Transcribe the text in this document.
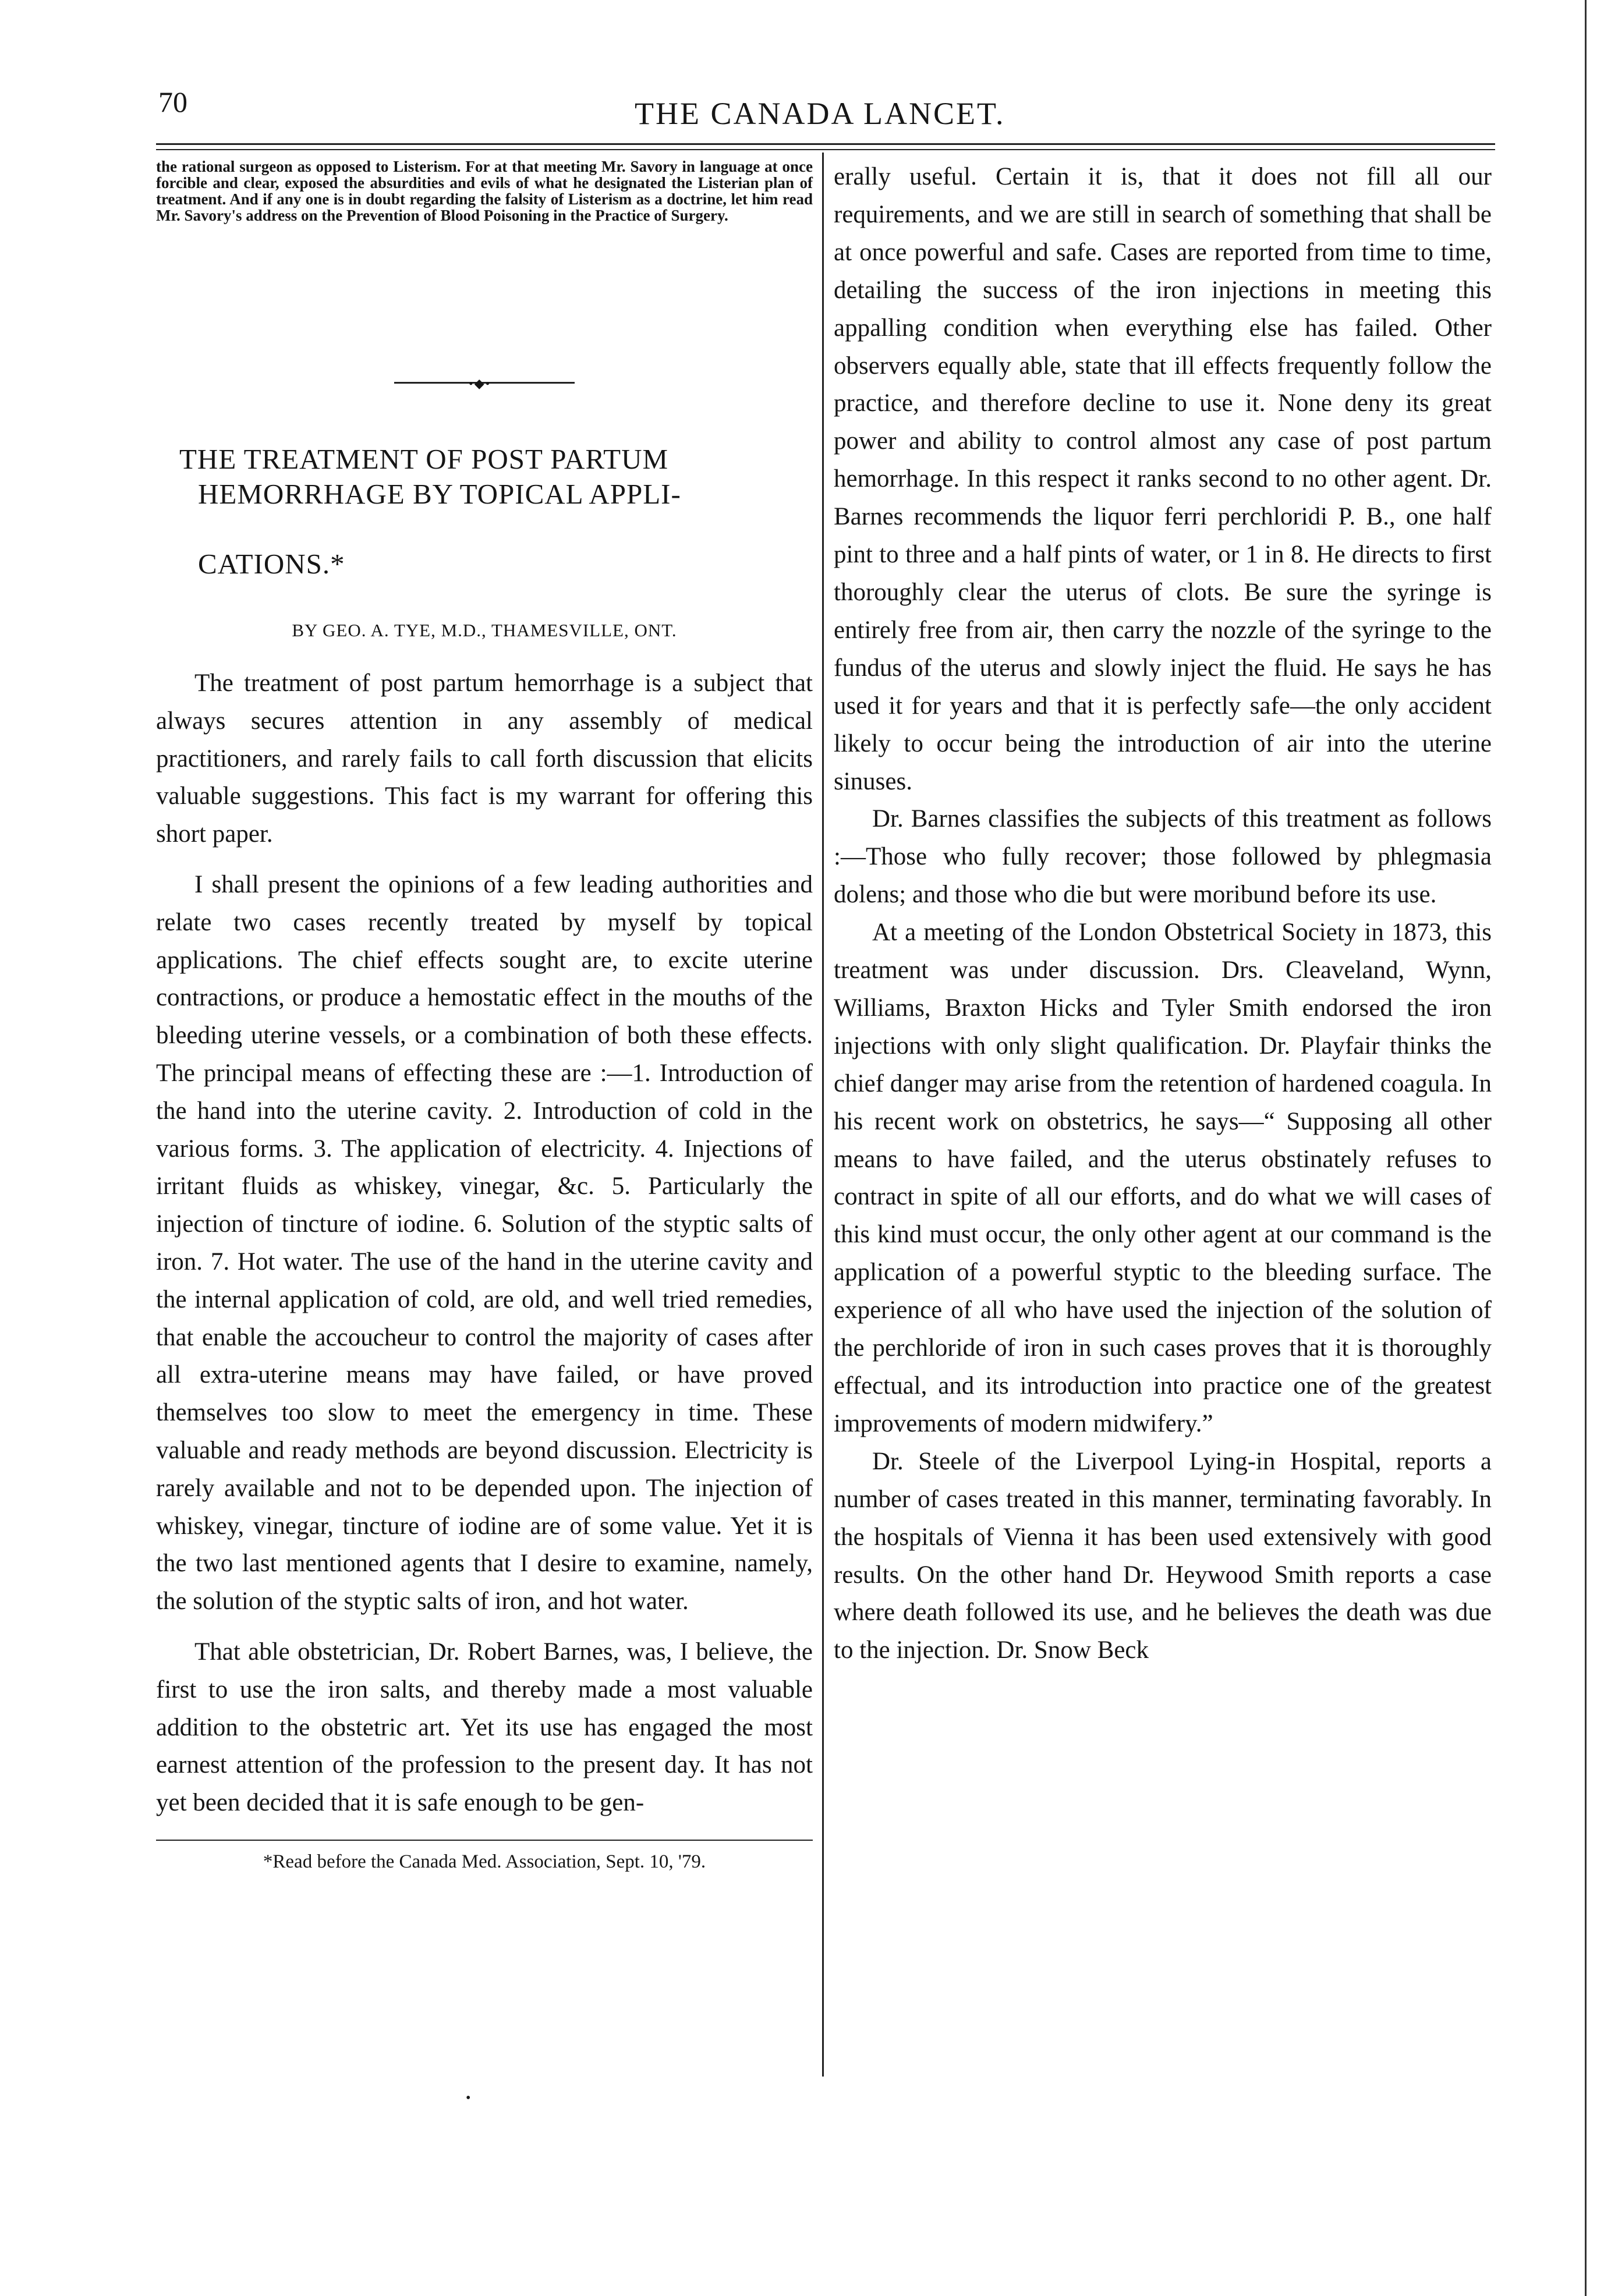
70	THE CANADA LANCET.

the rational surgeon as opposed to Listerism. For at that meeting Mr. Savory in language at once forcible and clear, exposed the absurdities and evils of what he designated the Listerian plan of treatment. And if any one is in doubt regarding the falsity of Listerism as a doctrine, let him read Mr. Savory's address on the Prevention of Blood Poisoning in the Practice of Surgery.

•◆•
THE TREATMENT OF POST PARTUM

HEMORRHAGE BY TOPICAL APPLI-

CATIONS.*

BY GEO. A. TYE, M.D., THAMESVILLE, ONT.

The treatment of post partum hemorrhage is a subject that always secures attention in any assembly of medical practitioners, and rarely fails to call forth discussion that elicits valuable suggestions. This fact is my warrant for offering this short paper.

I shall present the opinions of a few leading authorities and relate two cases recently treated by myself by topical applications. The chief effects sought are, to excite uterine contractions, or produce a hemostatic effect in the mouths of the bleeding uterine vessels, or a combination of both these effects. The principal means of effecting these are :—1. Introduction of the hand into the uterine cavity. 2. Introduction of cold in the various forms. 3. The application of electricity. 4. Injections of irritant fluids as whiskey, vinegar, &c. 5. Particularly the injection of tincture of iodine. 6. Solution of the styptic salts of iron. 7. Hot water. The use of the hand in the uterine cavity and the internal application of cold, are old, and well tried remedies, that enable the accoucheur to control the majority of cases after all extra-uterine means may have failed, or have proved themselves too slow to meet the emergency in time. These valuable and ready methods are beyond discussion. Electricity is rarely available and not to be depended upon. The injection of whiskey, vinegar, tincture of iodine are of some value. Yet it is the two last mentioned agents that I desire to examine, namely, the solution of the styptic salts of iron, and hot water.

That able obstetrician, Dr. Robert Barnes, was, I believe, the first to use the iron salts, and thereby made a most valuable addition to the obstetric art. Yet its use has engaged the most earnest attention of the profession to the present day. It has not yet been decided that it is safe enough to be gen-

*Read before the Canada Med. Association, Sept. 10, '79.

erally useful. Certain it is, that it does not fill all our requirements, and we are still in search of something that shall be at once powerful and safe. Cases are reported from time to time, detailing the success of the iron injections in meeting this appalling condition when everything else has failed. Other observers equally able, state that ill effects frequently follow the practice, and therefore decline to use it. None deny its great power and ability to control almost any case of post partum hemorrhage. In this respect it ranks second to no other agent. Dr. Barnes recommends the liquor ferri perchloridi P. B., one half pint to three and a half pints of water, or 1 in 8. He directs to first thoroughly clear the uterus of clots. Be sure the syringe is entirely free from air, then carry the nozzle of the syringe to the fundus of the uterus and slowly inject the fluid. He says he has used it for years and that it is perfectly safe—the only accident likely to occur being the introduction of air into the uterine sinuses.

Dr. Barnes classifies the subjects of this treatment as follows :—Those who fully recover; those followed by phlegmasia dolens; and those who die but were moribund before its use.

At a meeting of the London Obstetrical Society in 1873, this treatment was under discussion. Drs. Cleaveland, Wynn, Williams, Braxton Hicks and Tyler Smith endorsed the iron injections with only slight qualification. Dr. Playfair thinks the chief danger may arise from the retention of hardened coagula. In his recent work on obstetrics, he says—“ Supposing all other means to have failed, and the uterus obstinately refuses to contract in spite of all our efforts, and do what we will cases of this kind must occur, the only other agent at our command is the application of a powerful styptic to the bleeding surface. The experience of all who have used the injection of the solution of the perchloride of iron in such cases proves that it is thoroughly effectual, and its introduction into practice one of the greatest improvements of modern midwifery.”

Dr. Steele of the Liverpool Lying-in Hospital, reports a number of cases treated in this manner, terminating favorably. In the hospitals of Vienna it has been used extensively with good results. On the other hand Dr. Heywood Smith reports a case where death followed its use, and he believes the death was due to the injection. Dr. Snow Beck

•
